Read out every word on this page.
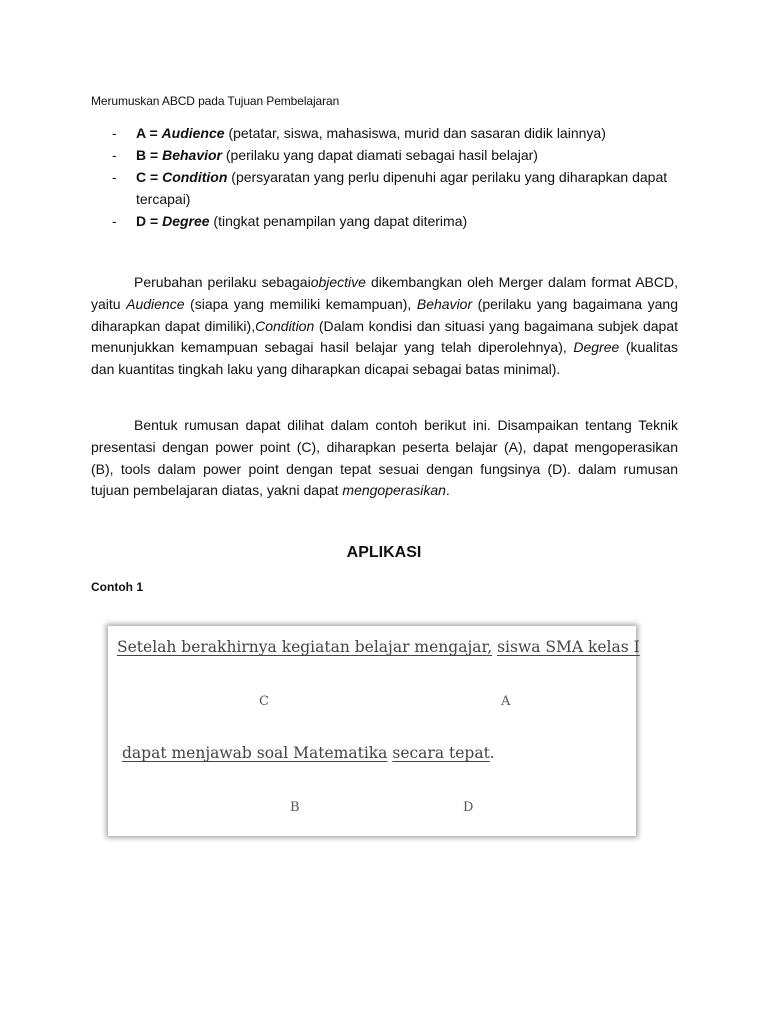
Merumuskan ABCD pada Tujuan Pembelajaran
- A = Audience (petatar, siswa, mahasiswa, murid dan sasaran didik lainnya)
- B = Behavior (perilaku yang dapat diamati sebagai hasil belajar)
- C = Condition (persyaratan yang perlu dipenuhi agar perilaku yang diharapkan dapat tercapai)
- D = Degree (tingkat penampilan yang dapat diterima)

Perubahan perilaku sebagaiobjective dikembangkan oleh Merger dalam format ABCD, yaitu Audience (siapa yang memiliki kemampuan), Behavior (perilaku yang bagaimana yang diharapkan dapat dimiliki),Condition (Dalam kondisi dan situasi yang bagaimana subjek dapat menunjukkan kemampuan sebagai hasil belajar yang telah diperolehnya), Degree (kualitas dan kuantitas tingkah laku yang diharapkan dicapai sebagai batas minimal).

Bentuk rumusan dapat dilihat dalam contoh berikut ini. Disampaikan tentang Teknik presentasi dengan power point (C), diharapkan peserta belajar (A), dapat mengoperasikan (B), tools dalam power point dengan tepat sesuai dengan fungsinya (D). dalam rumusan tujuan pembelajaran diatas, yakni dapat mengoperasikan.

APLIKASI
Contoh 1
Setelah berakhirnya kegiatan belajar mengajar, siswa SMA kelas I
C	A
dapat menjawab soal Matematika secara tepat.
B	D
